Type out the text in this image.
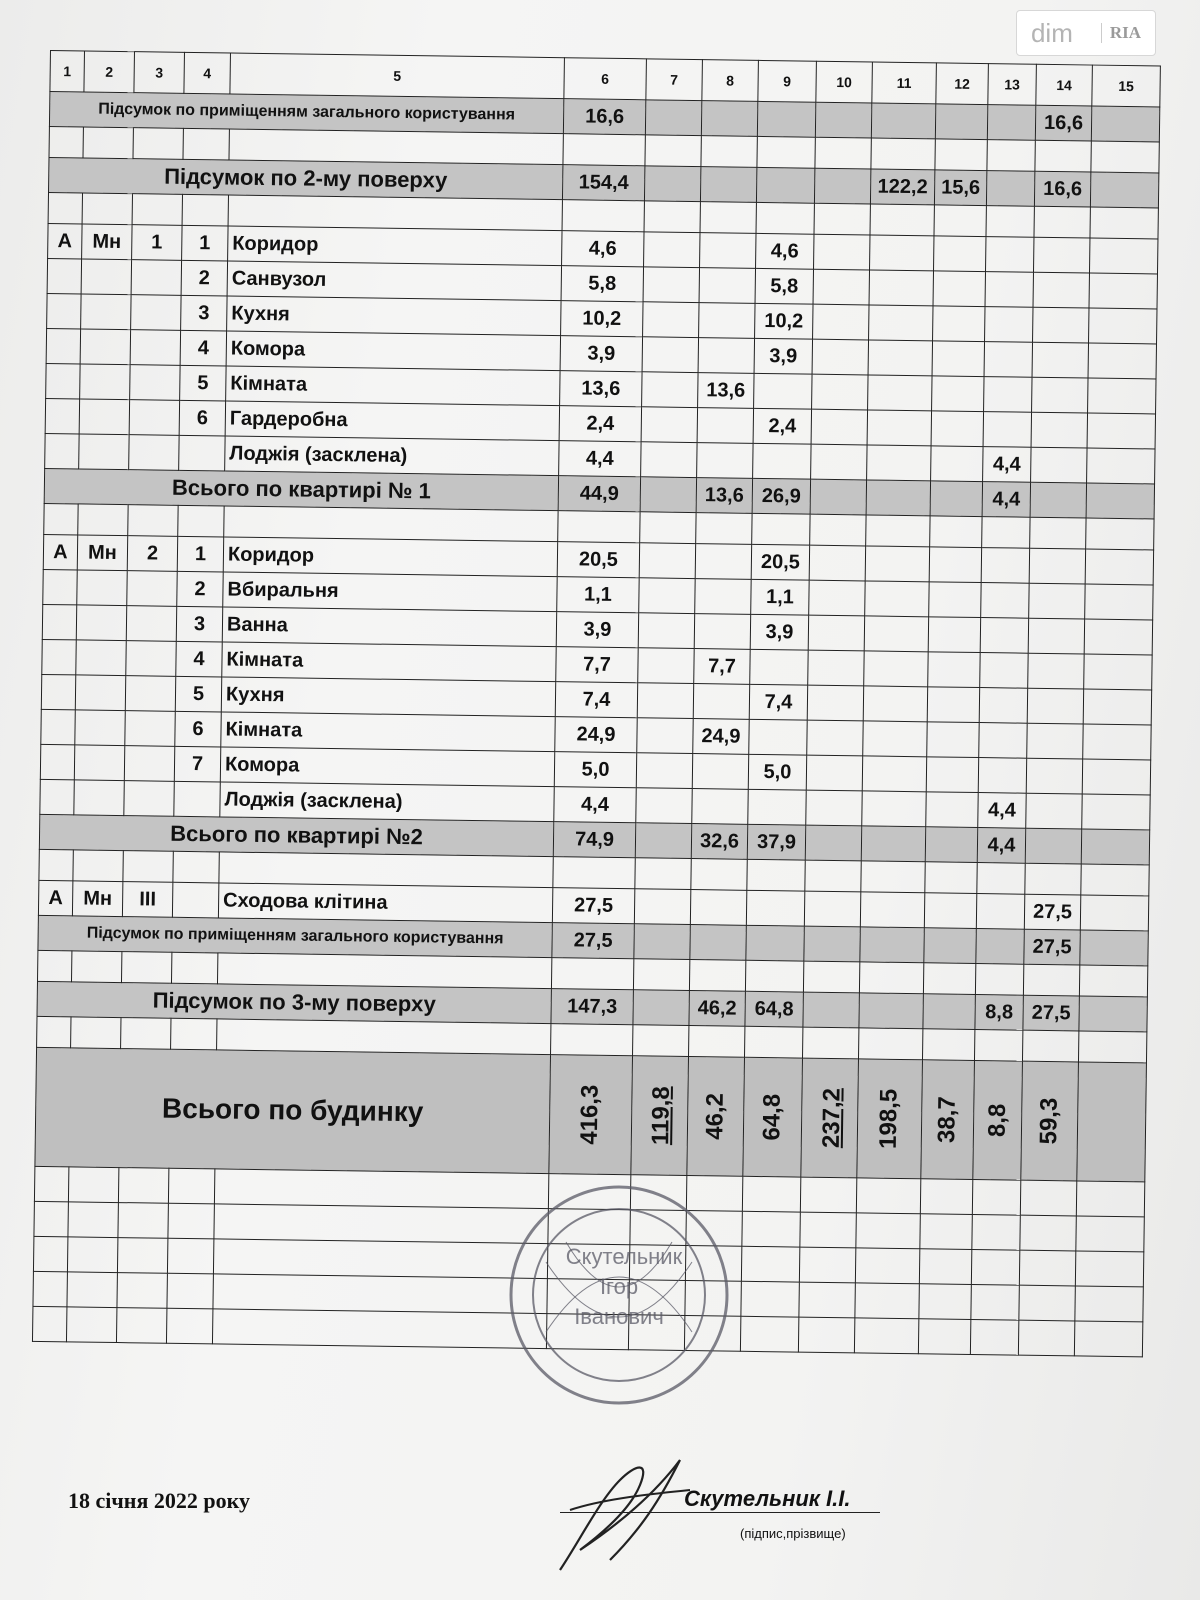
dim	RIA
1	2	3	4	5	6	7	8	9	10	11	12	13	14	15
Підсумок по приміщенням загального користування					16,6								16,6	

Підсумок по 2-му поверху					154,4					122,2	15,6		16,6	

А	Мн	1	1	Коридор	4,6			4,6						
			2	Санвузол	5,8			5,8						
			3	Кухня	10,2			10,2						
			4	Комора	3,9			3,9						
			5	Кімната	13,6		13,6							
			6	Гардеробна	2,4			2,4						
				Лоджія (засклена)	4,4							4,4		
Всього по квартирі № 1					44,9		13,6	26,9				4,4		

А	Мн	2	1	Коридор	20,5			20,5						
			2	Вбиральня	1,1			1,1						
			3	Ванна	3,9			3,9						
			4	Кімната	7,7		7,7							
			5	Кухня	7,4			7,4						
			6	Кімната	24,9		24,9							
			7	Комора	5,0			5,0						
				Лоджія (засклена)	4,4							4,4		
Всього по квартирі №2					74,9		32,6	37,9				4,4		

А	Мн	III		Сходова клітина	27,5								27,5	
Підсумок по приміщенням загального користування					27,5								27,5	

Підсумок по 3-му поверху					147,3		46,2	64,8				8,8	27,5	

Всього по будинку					416,3	119,8	46,2	64,8	237,2	198,5	38,7	8,8	59,3	

Скутельник
Ігор
Іванович
18 січня 2022 року	Скутельник І.І.
(підпис,прізвище)
